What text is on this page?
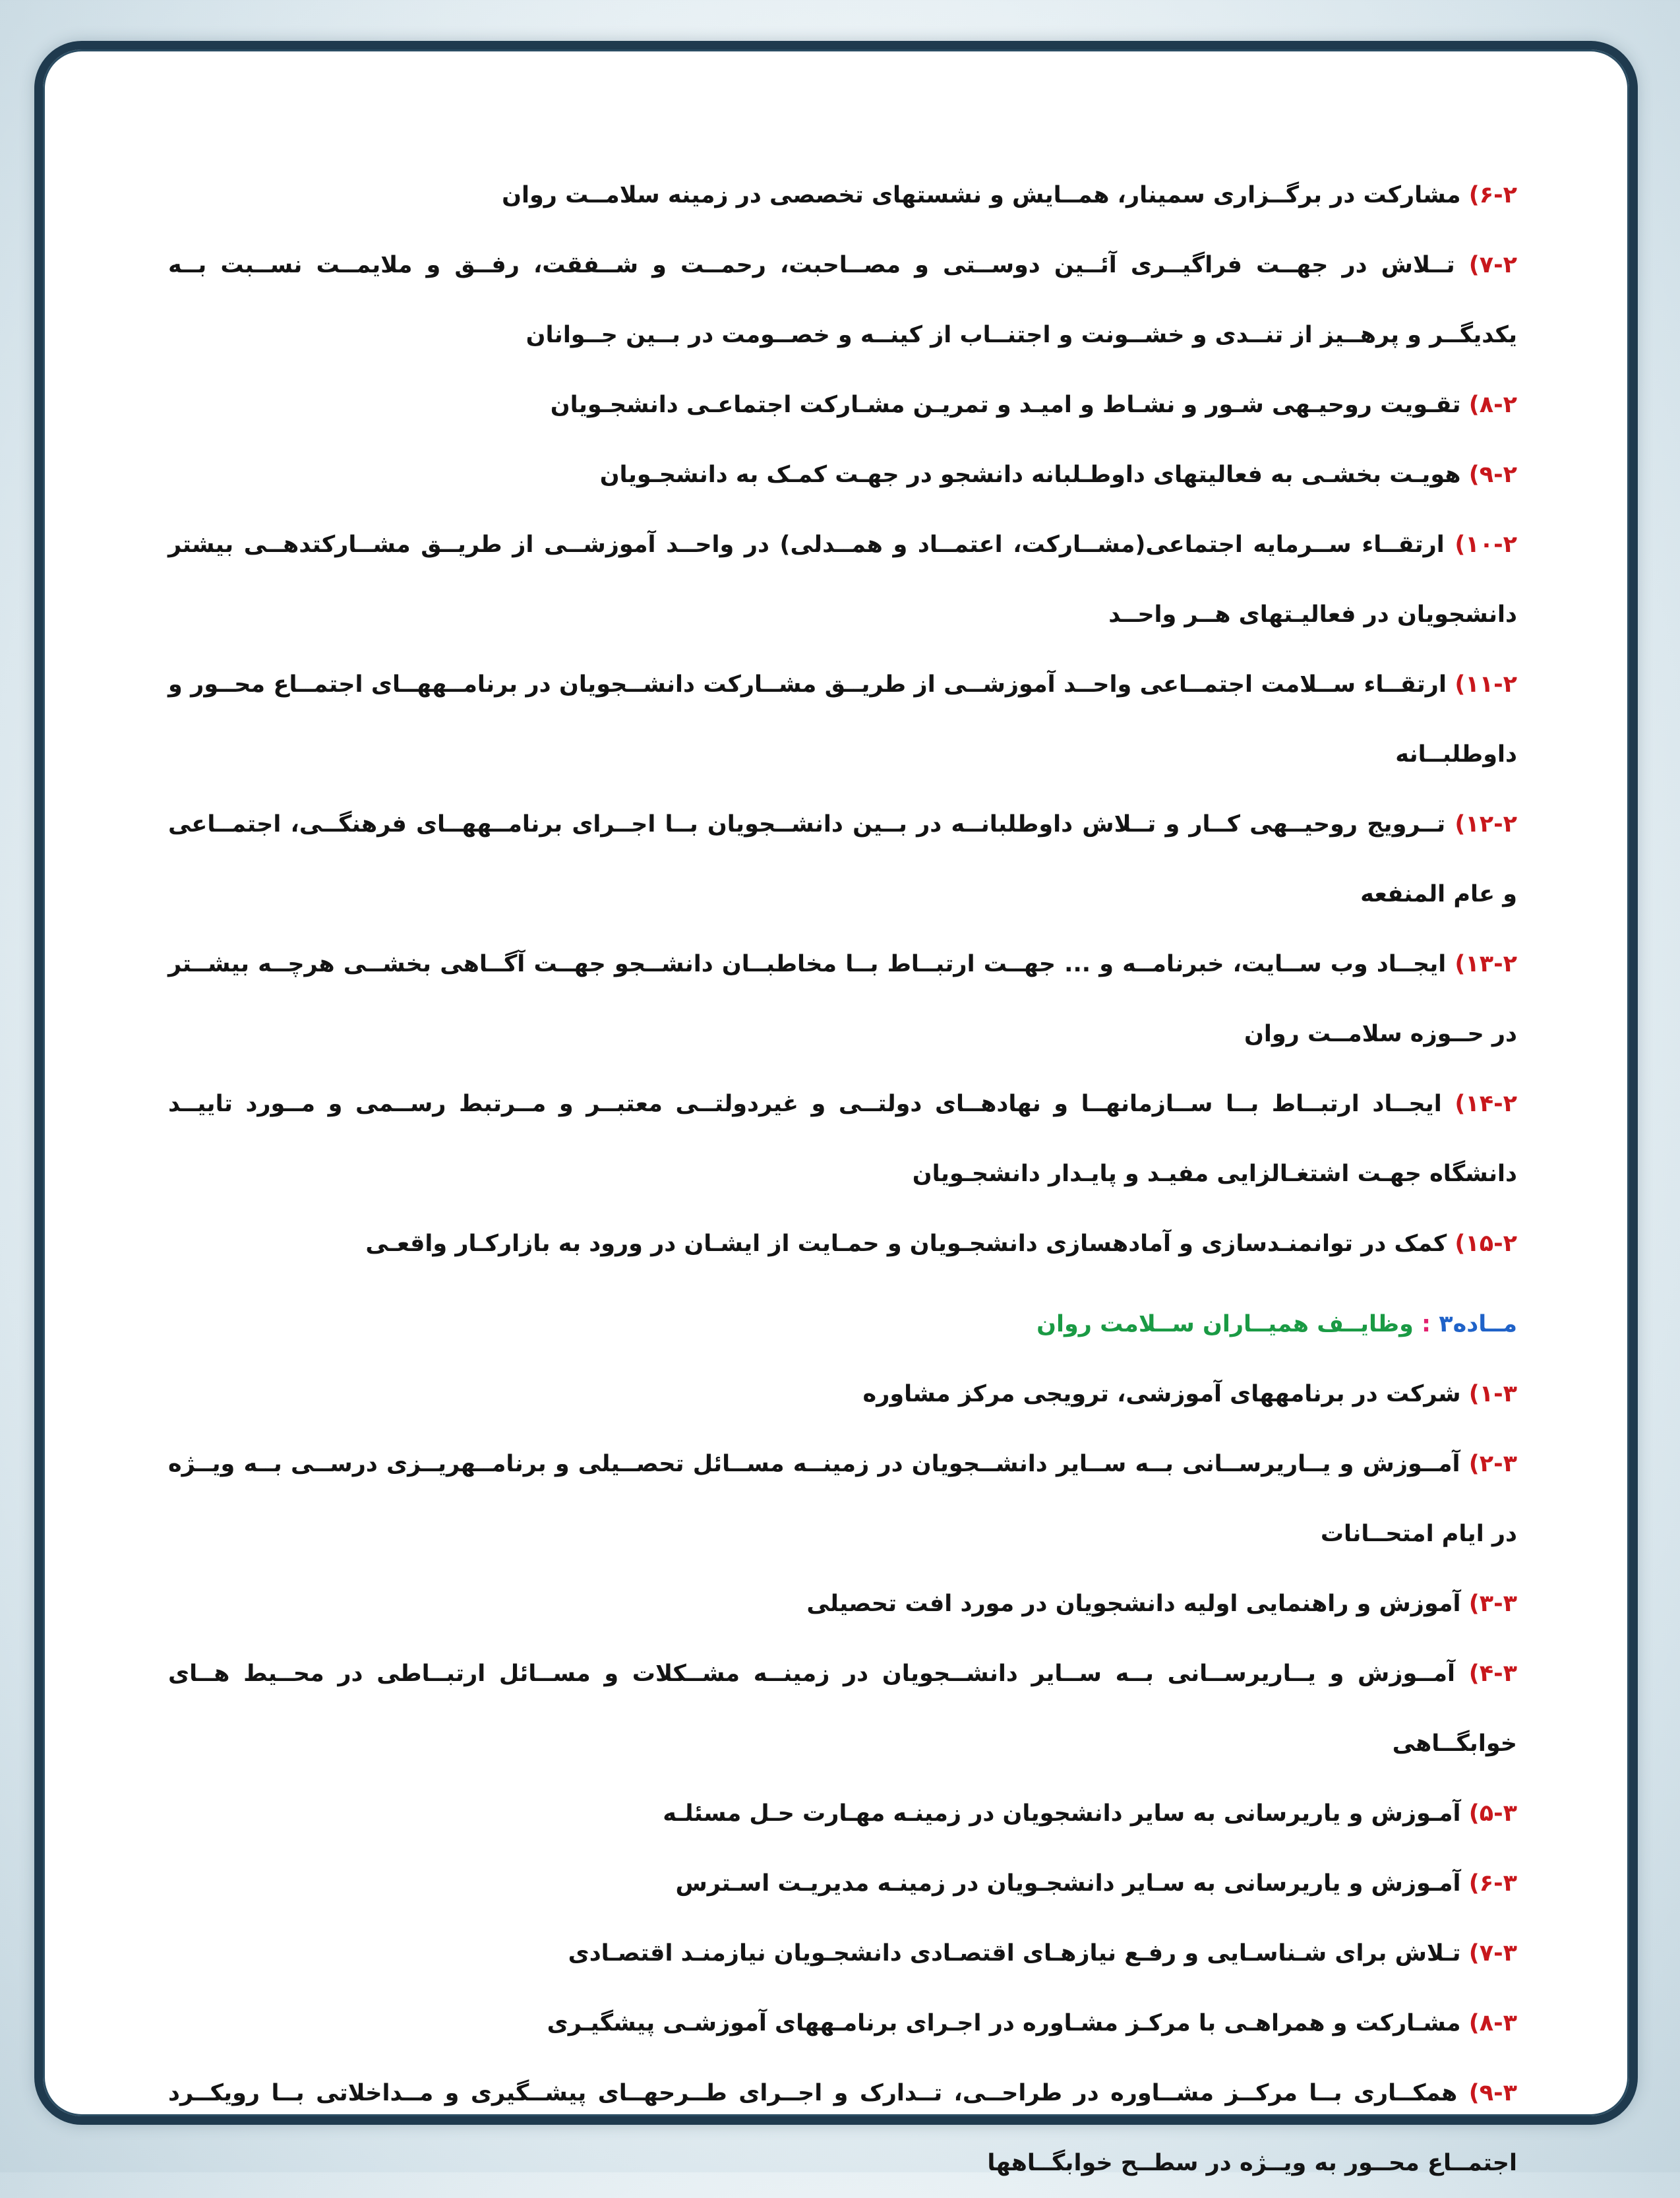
۶-۲) مشارکت در برگــزاری سمینار، همــایش و نشستهای تخصصی در زمینه سلامــت روان

۷-۲) تــلاش در جهــت فراگیــری آئــین دوســتی و مصــاحبت، رحمــت و شــفقت، رفــق و ملایمــت نســبت بــه یکدیگــر و پرهــیز از تنــدی و خشــونت و اجتنــاب از کینــه و خصــومت در بــین جــوانان

۸-۲) تقـویت روحیـهی شـور و نشـاط و امیـد و تمریـن مشـارکت اجتماعـی دانشجـویان

۹-۲) هویـت بخشـی به فعالیتهای داوطـلبانه دانشجو در جهـت کمـک به دانشجـویان

۱۰-۲) ارتقــاء ســرمایه اجتماعی(مشــارکت، اعتمــاد و همــدلی) در واحــد آموزشــی از طریــق مشــارکتدهــی بیشتر دانشجویان در فعالیـتهای هــر واحــد

۱۱-۲) ارتقــاء ســلامت اجتمــاعی واحــد آموزشــی از طریــق مشــارکت دانشــجویان در برنامــههــای اجتمــاع محــور و داوطلبــانه

۱۲-۲) تــرویج روحیــهی کــار و تــلاش داوطلبانــه در بــین دانشــجویان بــا اجــرای برنامــههــای فرهنگــی، اجتمــاعی و عام المنفعه

۱۳-۲) ایجــاد وب ســایت، خبرنامــه و ... جهــت ارتبــاط بــا مخاطبــان دانشــجو جهــت آگــاهی بخشــی هرچــه بیشــتر در حــوزه سلامــت روان

۱۴-۲) ایجــاد ارتبــاط بــا ســازمانهــا و نهادهــای دولتــی و غیردولتــی معتبــر و مــرتبط رســمی و مــورد تاییــد دانشگاه جهـت اشتغـالزایی مفیـد و پایـدار دانشجـویان

۱۵-۲) کمک در توانمنـدسازی و آمادهسازی دانشجـویان و حمـایت از ایشـان در ورود به بازارکـار واقعـی

مــاده۳ : وظایــف همیــاران ســلامت روان

۱-۳) شرکت در برنامههای آموزشی، ترویجی مرکز مشاوره

۲-۳) آمــوزش و یــاریرســانی بــه ســایر دانشــجویان در زمینــه مســائل تحصــیلی و برنامــهریــزی درســی بــه ویــژه در ایام امتحــانات

۳-۳) آموزش و راهنمایی اولیه دانشجویان در مورد افت تحصیلی

۴-۳) آمــوزش و یــاریرســانی بــه ســایر دانشــجویان در زمینــه مشــکلات و مســائل ارتبــاطی در محــیط هــای خوابگــاهی

۵-۳) آمـوزش و یاریرسانی به سایر دانشجویان در زمینـه مهـارت حـل مسئلـه

۶-۳) آمـوزش و یاریرسانی به سـایر دانشجـویان در زمینـه مدیریـت اسـترس

۷-۳) تـلاش برای شـناسـایی و رفـع نیازهـای اقتصـادی دانشجـویان نیازمنـد اقتصـادی

۸-۳) مشـارکت و همراهـی با مرکـز مشـاوره در اجـرای برنامـههای آموزشـی پیشگیـری

۹-۳) همکــاری بــا مرکــز مشــاوره در طراحــی، تــدارک و اجــرای طــرحهــای پیشــگیری و مــداخلاتی بــا رویکــرد اجتمــاع محــور به ویــژه در سطــح خوابگــاهها
